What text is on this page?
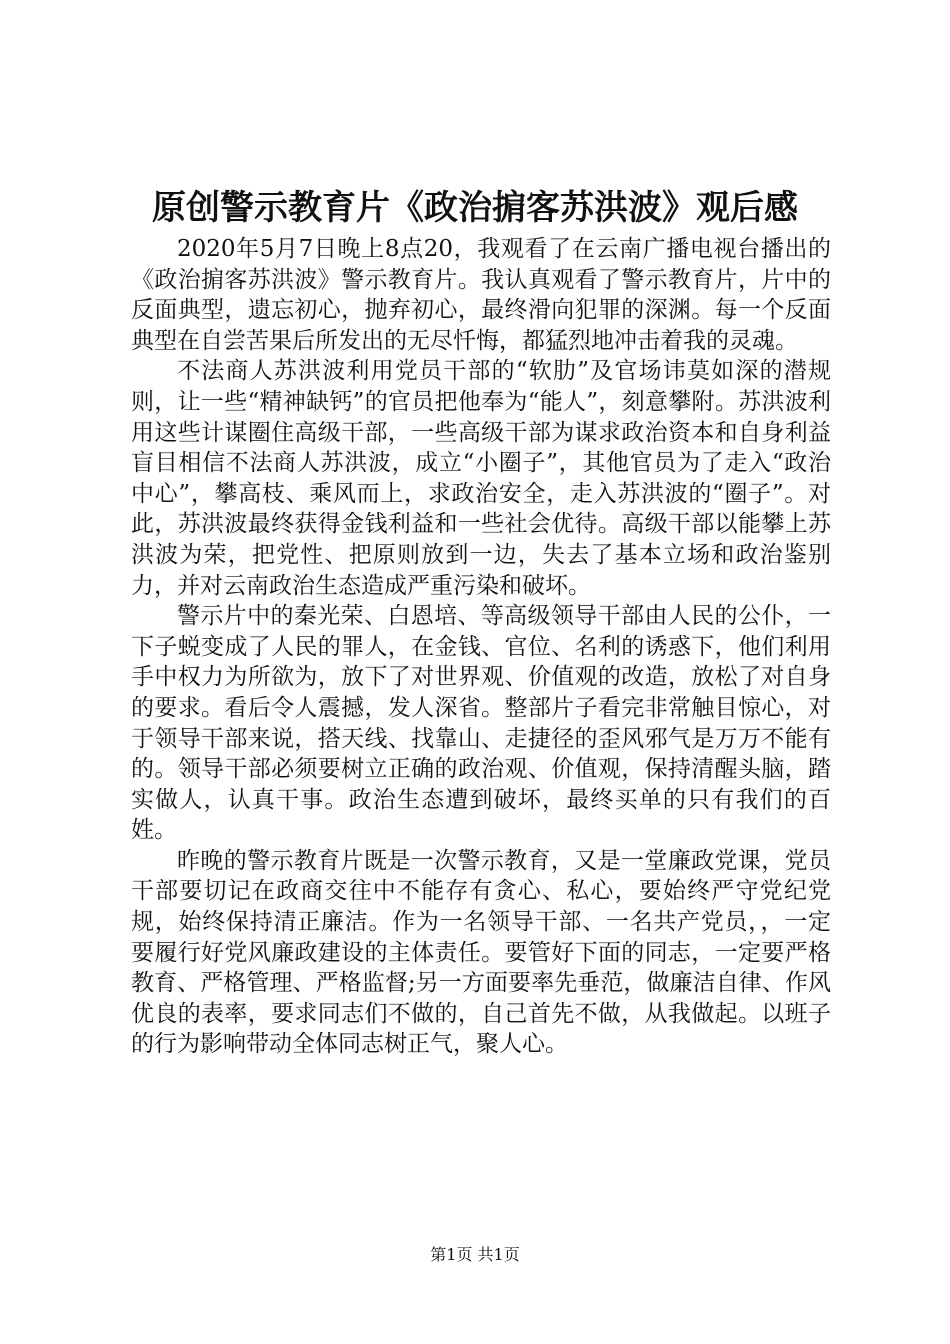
原创警示教育片《政治掮客苏洪波》观后感

2020年5月7日晚上8点20，我观看了在云南广播电视台播出的《政治掮客苏洪波》警示教育片。我认真观看了警示教育片，片中的反面典型，遗忘初心，抛弃初心，最终滑向犯罪的深渊。每一个反面典型在自尝苦果后所发出的无尽忏悔，都猛烈地冲击着我的灵魂。

不法商人苏洪波利用党员干部的“软肋”及官场讳莫如深的潜规则，让一些“精神缺钙”的官员把他奉为“能人”，刻意攀附。苏洪波利用这些计谋圈住高级干部，一些高级干部为谋求政治资本和自身利益盲目相信不法商人苏洪波，成立“小圈子”，其他官员为了走入“政治中心”，攀高枝、乘风而上，求政治安全，走入苏洪波的“圈子”。对此，苏洪波最终获得金钱利益和一些社会优待。高级干部以能攀上苏洪波为荣，把党性、把原则放到一边，失去了基本立场和政治鉴别力，并对云南政治生态造成严重污染和破坏。

警示片中的秦光荣、白恩培、等高级领导干部由人民的公仆，一下子蜕变成了人民的罪人，在金钱、官位、名利的诱惑下，他们利用手中权力为所欲为，放下了对世界观、价值观的改造，放松了对自身的要求。看后令人震撼，发人深省。整部片子看完非常触目惊心，对于领导干部来说，搭天线、找靠山、走捷径的歪风邪气是万万不能有的。领导干部必须要树立正确的政治观、价值观，保持清醒头脑，踏实做人，认真干事。政治生态遭到破坏，最终买单的只有我们的百姓。

昨晚的警示教育片既是一次警示教育，又是一堂廉政党课，党员干部要切记在政商交往中不能存有贪心、私心，要始终严守党纪党规，始终保持清正廉洁。作为一名领导干部、一名共产党员，，一定要履行好党风廉政建设的主体责任。要管好下面的同志，一定要严格教育、严格管理、严格监督;另一方面要率先垂范，做廉洁自律、作风优良的表率，要求同志们不做的，自己首先不做，从我做起。以班子的行为影响带动全体同志树正气，聚人心。

第1页 共1页
